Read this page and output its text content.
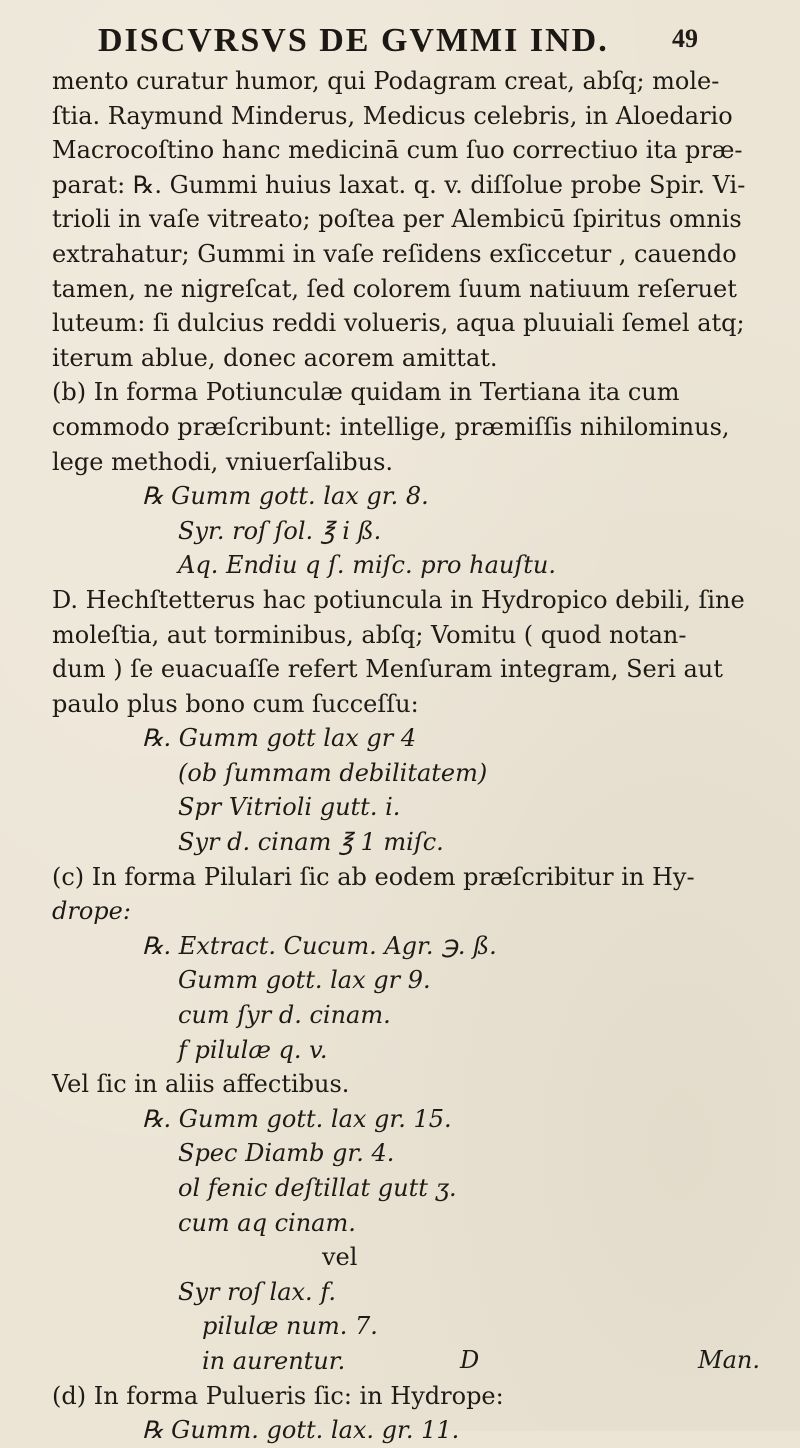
DISCVRSVS DE GVMMI IND. 49
mento curatur humor, qui Podagram creat, abſq; mole-
ſtia. Raymund Minderus, Medicus celebris, in Aloedario
Macrocoſtino hanc medicinā cum ſuo correctiuo ita præ-
parat: ℞. Gummi huius laxat. q. v. diſſolue probe Spir. Vi-
trioli in vaſe vitreato; poſtea per Alembicū ſpiritus omnis
extrahatur; Gummi in vaſe reſidens exſiccetur , cauendo
tamen, ne nigreſcat, ſed colorem ſuum natiuum reſeruet
luteum: ſi dulcius reddi volueris, aqua pluuiali ſemel atq;
iterum ablue, donec acorem amittat.
(b) In forma Potiunculæ quidam in Tertiana ita cum
commodo præſcribunt: intellige, præmiſſis nihilominus,
lege methodi, vniuerſalibus.
℞ Gumm gott. lax gr. 8.
Syr. roſ ſol. ℥ i ß.
Aq. Endiu q ſ. miſc. pro hauſtu.
D. Hechſtetterus hac potiuncula in Hydropico debili, ſine
moleſtia, aut torminibus, abſq; Vomitu ( quod notan-
dum ) ſe euacuaſſe refert Menſuram integram, Seri aut
paulo plus bono cum ſucceſſu:
℞. Gumm gott lax gr 4
(ob ſummam debilitatem)
Spr Vitrioli gutt. i.
Syr d. cinam ℥ 1 miſc.
(c) In forma Pilulari ſic ab eodem præſcribitur in Hy-
drope:
℞. Extract. Cucum. Agr. ℈. ß.
Gumm gott. lax gr 9.
cum ſyr d. cinam.
f pilulæ q. v.
Vel ſic in aliis affectibus.
℞. Gumm gott. lax gr. 15.
Spec Diamb gr. 4.
ol fenic deſtillat gutt ʒ.
cum aq cinam.
vel
Syr roſ lax. f.
pilulæ num. 7.
in aurentur.
(d) In forma Pulueris ſic: in Hydrope:
℞ Gumm. gott. lax. gr. 11.
D	Man.
